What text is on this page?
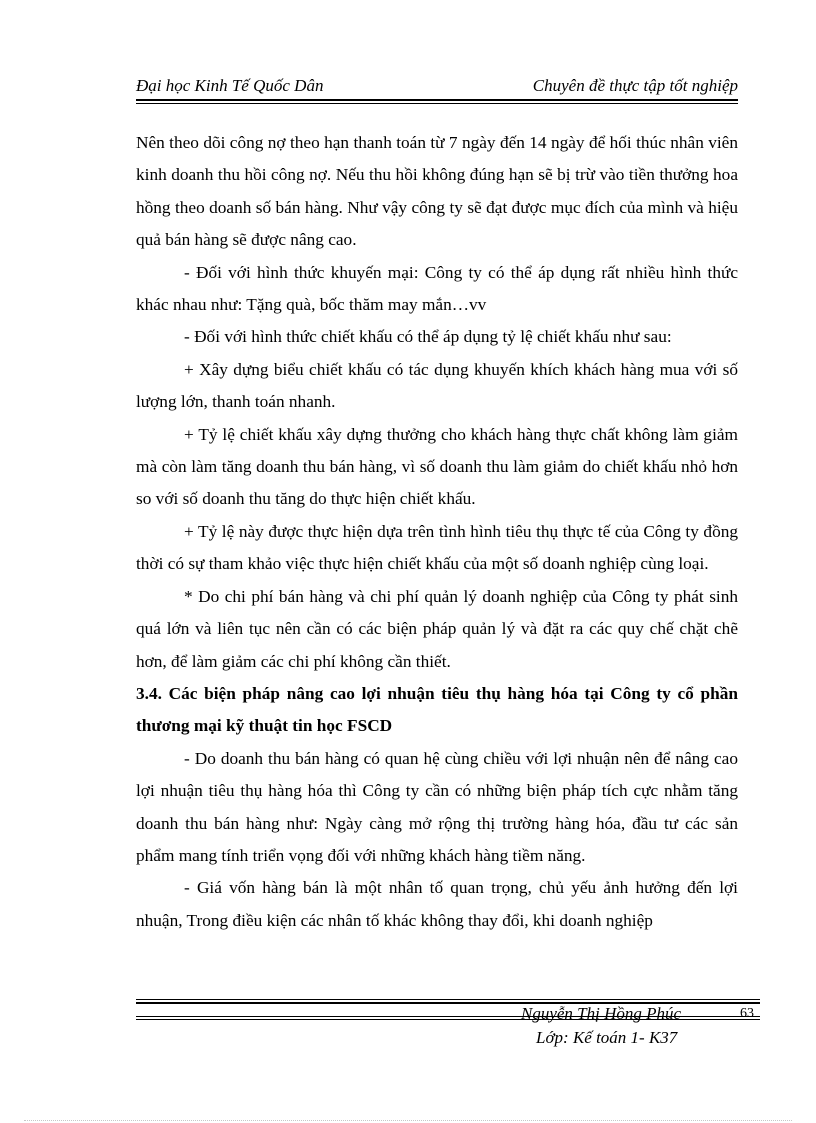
Đại học Kinh Tế Quốc Dân	Chuyên đề thực tập tốt nghiệp

Nên theo dõi công nợ theo hạn thanh toán từ 7 ngày đến 14 ngày để hối thúc nhân viên kinh doanh thu hồi công nợ. Nếu thu hồi không đúng hạn sẽ bị trừ vào tiền thưởng hoa hồng theo doanh số bán hàng. Như vậy công ty sẽ đạt được mục đích của mình và hiệu quả bán hàng sẽ được nâng cao.

- Đối với hình thức khuyến mại: Công ty có thể áp dụng rất nhiều hình thức khác nhau như: Tặng quà, bốc thăm may mắn…vv

- Đối với hình thức chiết khấu có thể áp dụng tỷ lệ chiết khấu như sau:

+ Xây dựng biểu chiết khấu có tác dụng khuyến khích khách hàng mua với số lượng lớn, thanh toán nhanh.

+ Tỷ lệ chiết khấu xây dựng thưởng cho khách hàng thực chất không làm giảm mà còn làm tăng doanh thu bán hàng, vì số doanh thu làm giảm do chiết khấu nhỏ hơn so với số doanh thu tăng do thực hiện chiết khấu.

+ Tỷ lệ này được thực hiện dựa trên tình hình tiêu thụ thực tế của Công ty đồng thời có sự tham khảo việc thực hiện chiết khấu của một số doanh nghiệp cùng loại.

* Do chi phí bán hàng và chi phí quản lý doanh nghiệp của Công ty phát sinh quá lớn và liên tục nên cần có các biện pháp quản lý và đặt ra các quy chế chặt chẽ hơn, để làm giảm các chi phí không cần thiết.

3.4. Các biện pháp nâng cao lợi nhuận tiêu thụ hàng hóa tại Công ty cổ phần thương mại kỹ thuật tin học FSCD

- Do doanh thu bán hàng có quan hệ cùng chiều với lợi nhuận nên để nâng cao lợi nhuận tiêu thụ hàng hóa thì Công ty cần có những biện pháp tích cực nhằm tăng doanh thu bán hàng như: Ngày càng mở rộng thị trường hàng hóa, đầu tư các sản phẩm mang tính triển vọng đối với những khách hàng tiềm năng.

- Giá vốn hàng bán là một nhân tố quan trọng, chủ yếu ảnh hưởng đến lợi nhuận, Trong điều kiện các nhân tố khác không thay đổi, khi doanh nghiệp

Nguyễn Thị Hồng Phúc	63
Lớp: Kế toán 1- K37
